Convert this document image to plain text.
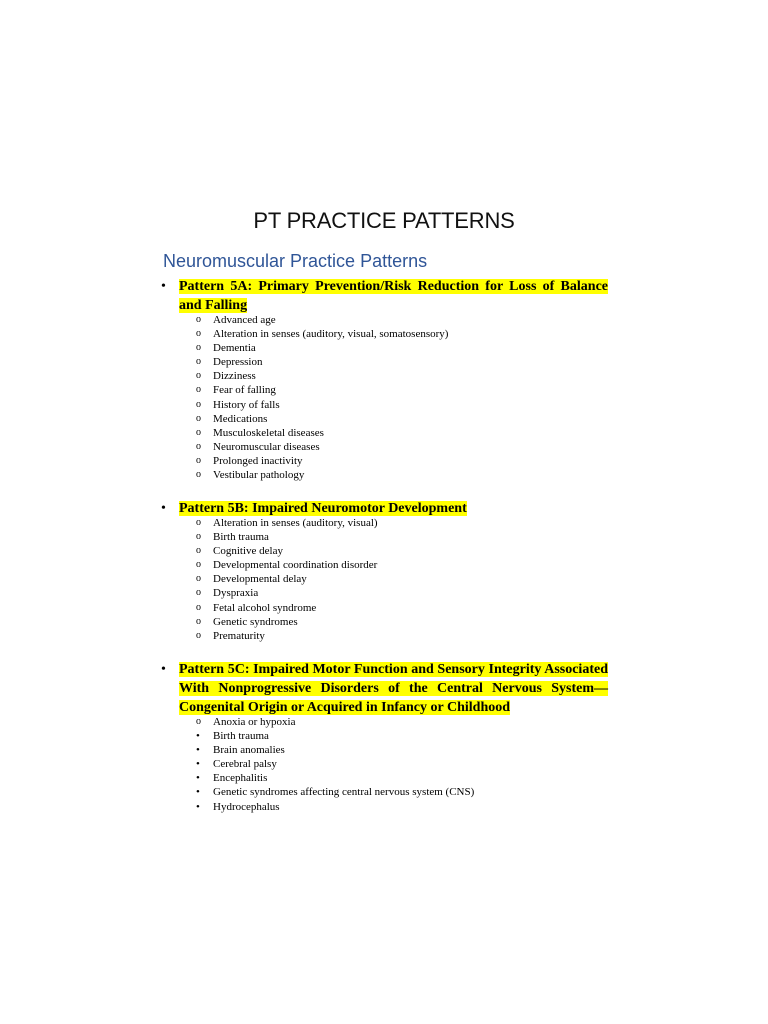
PT PRACTICE PATTERNS
Neuromuscular Practice Patterns
• Pattern 5A: Primary Prevention/Risk Reduction for Loss of Balance and Falling
o	Advanced age
o	Alteration in senses (auditory, visual, somatosensory)
o	Dementia
o	Depression
o	Dizziness
o	Fear of falling
o	History of falls
o	Medications
o	Musculoskeletal diseases
o	Neuromuscular diseases
o	Prolonged inactivity
o	Vestibular pathology
• Pattern 5B: Impaired Neuromotor Development
o	Alteration in senses (auditory, visual)
o	Birth trauma
o	Cognitive delay
o	Developmental coordination disorder
o	Developmental delay
o	Dyspraxia
o	Fetal alcohol syndrome
o	Genetic syndromes
o	Prematurity
• Pattern 5C: Impaired Motor Function and Sensory Integrity Associated With Nonprogressive Disorders of the Central Nervous System—Congenital Origin or Acquired in Infancy or Childhood
o	Anoxia or hypoxia
•	Birth trauma
•	Brain anomalies
•	Cerebral palsy
•	Encephalitis
•	Genetic syndromes affecting central nervous system (CNS)
•	Hydrocephalus
